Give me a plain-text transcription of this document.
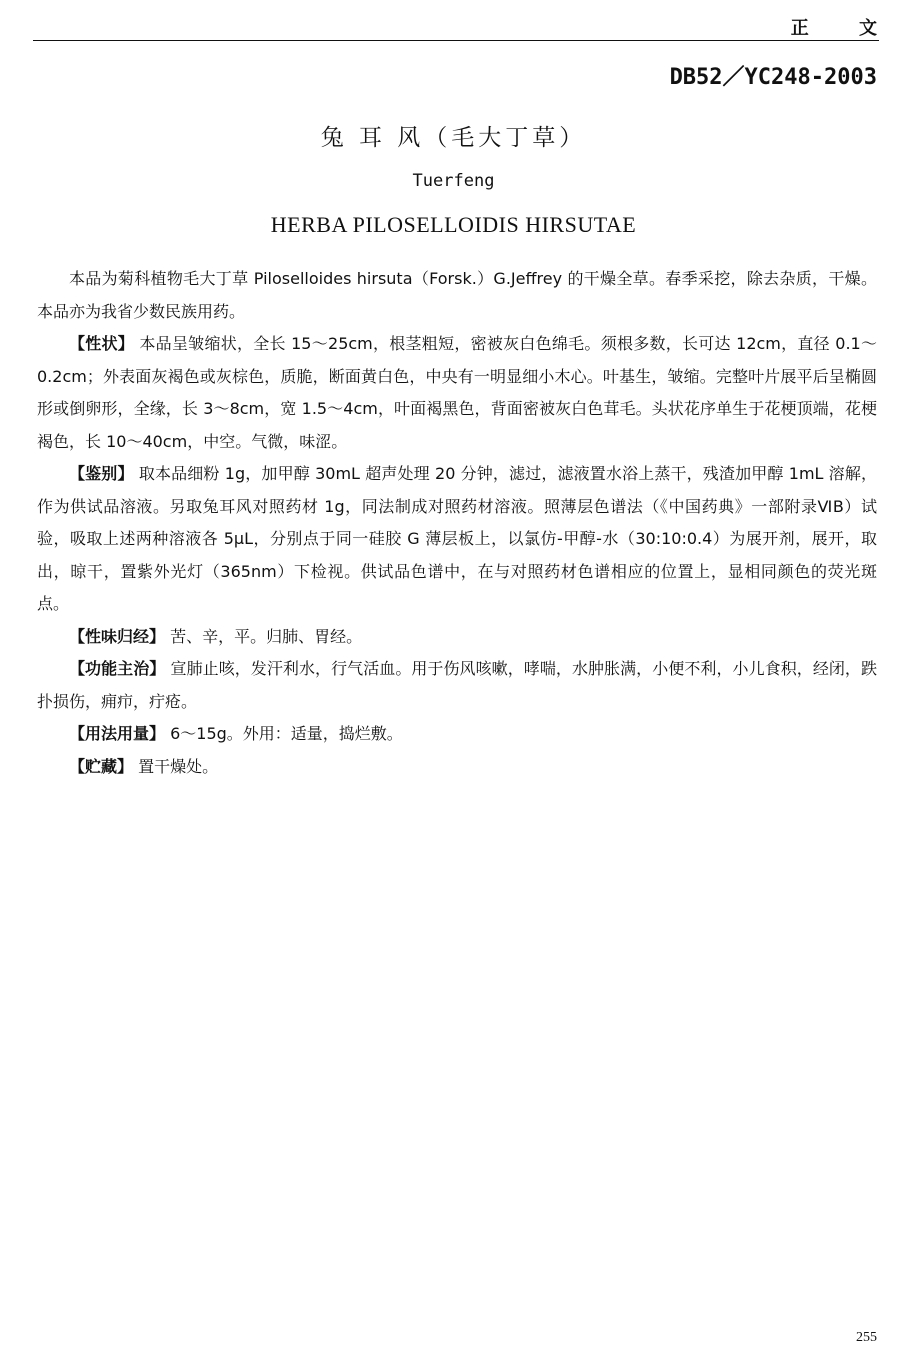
正 文
DB52／YC248-2003
兔 耳 风（毛大丁草）
Tuerfeng
HERBA PILOSELLOIDIS HIRSUTAE

本品为菊科植物毛大丁草 Piloselloides hirsuta（Forsk.）G.Jeffrey 的干燥全草。春季采挖，除去杂质，干燥。本品亦为我省少数民族用药。

【性状】 本品呈皱缩状，全长 15～25cm，根茎粗短，密被灰白色绵毛。须根多数，长可达 12cm，直径 0.1～0.2cm；外表面灰褐色或灰棕色，质脆，断面黄白色，中央有一明显细小木心。叶基生，皱缩。完整叶片展平后呈椭圆形或倒卵形，全缘，长 3～8cm，宽 1.5～4cm，叶面褐黑色，背面密被灰白色茸毛。头状花序单生于花梗顶端，花梗褐色，长 10～40cm，中空。气微，味涩。

【鉴别】 取本品细粉 1g，加甲醇 30mL 超声处理 20 分钟，滤过，滤液置水浴上蒸干，残渣加甲醇 1mL 溶解，作为供试品溶液。另取兔耳风对照药材 1g，同法制成对照药材溶液。照薄层色谱法（《中国药典》一部附录ⅥB）试验，吸取上述两种溶液各 5μL，分别点于同一硅胶 G 薄层板上，以氯仿-甲醇-水（30:10:0.4）为展开剂，展开，取出，晾干，置紫外光灯（365nm）下检视。供试品色谱中，在与对照药材色谱相应的位置上，显相同颜色的荧光斑点。

【性味归经】 苦、辛，平。归肺、胃经。

【功能主治】 宣肺止咳，发汗利水，行气活血。用于伤风咳嗽，哮喘，水肿胀满，小便不利，小儿食积，经闭，跌扑损伤，痈疖，疔疮。

【用法用量】 6～15g。外用：适量，捣烂敷。

【贮藏】 置干燥处。

255
